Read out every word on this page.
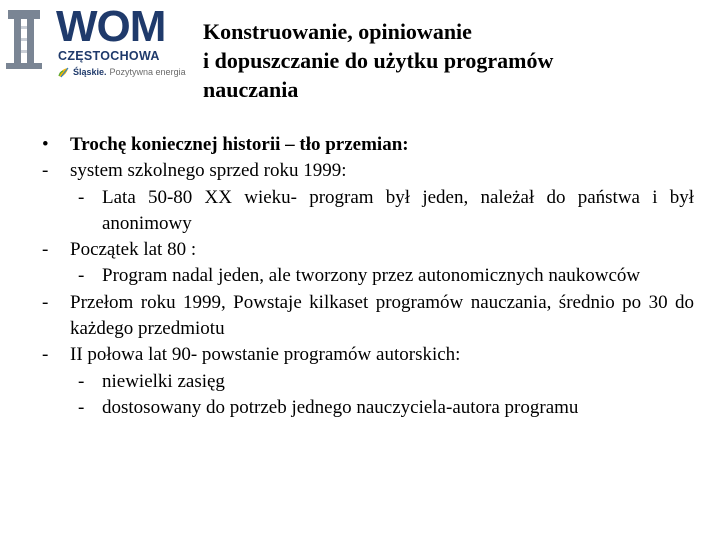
WOM
CZĘSTOCHOWA
Śląskie. Pozytywna energia
Konstruowanie, opiniowanie
i dopuszczanie do użytku programów
nauczania
•	Trochę koniecznej historii – tło przemian:
-	system szkolnego sprzed roku 1999:
- Lata 50-80 XX wieku- program był jeden, należał do państwa i był anonimowy
-	Początek lat 80 :
- Program nadal jeden, ale tworzony przez autonomicznych naukowców
-	Przełom roku 1999, Powstaje kilkaset programów nauczania, średnio po 30 do każdego przedmiotu
-	II połowa lat 90- powstanie programów autorskich:
- niewielki zasięg
- dostosowany do potrzeb jednego nauczyciela-autora programu
